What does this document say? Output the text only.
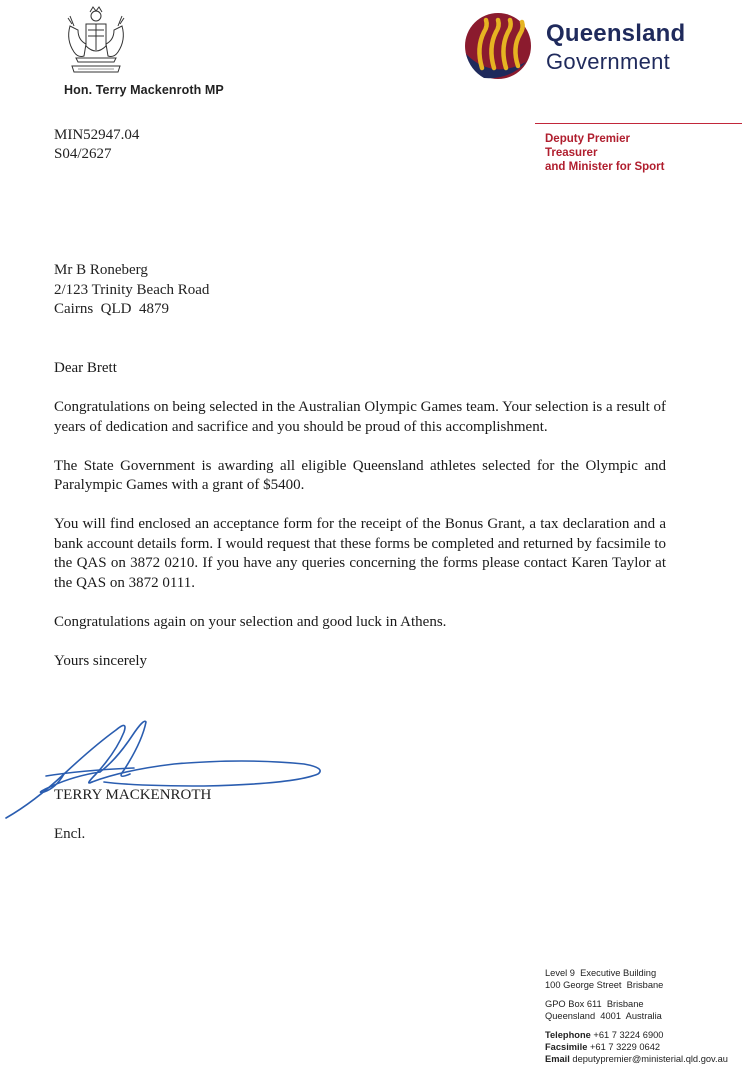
Hon. Terry Mackenroth MP
Queensland
Government
Deputy Premier
Treasurer
and Minister for Sport
MIN52947.04
S04/2627
Mr B Roneberg
2/123 Trinity Beach Road
Cairns  QLD  4879

Dear Brett

Congratulations on being selected in the Australian Olympic Games team. Your selection is a result of years of dedication and sacrifice and you should be proud of this accomplishment.

The State Government is awarding all eligible Queensland athletes selected for the Olympic and Paralympic Games with a grant of $5400.

You will find enclosed an acceptance form for the receipt of the Bonus Grant, a tax declaration and a bank account details form. I would request that these forms be completed and returned by facsimile to the QAS on 3872 0210. If you have any queries concerning the forms please contact Karen Taylor at the QAS on 3872 0111.

Congratulations again on your selection and good luck in Athens.

Yours sincerely

TERRY MACKENROTH
Encl.
Level 9  Executive Building
100 George Street  Brisbane
GPO Box 611  Brisbane
Queensland  4001  Australia
Telephone +61 7 3224 6900
Facsimile +61 7 3229 0642
Email deputypremier@ministerial.qld.gov.au
